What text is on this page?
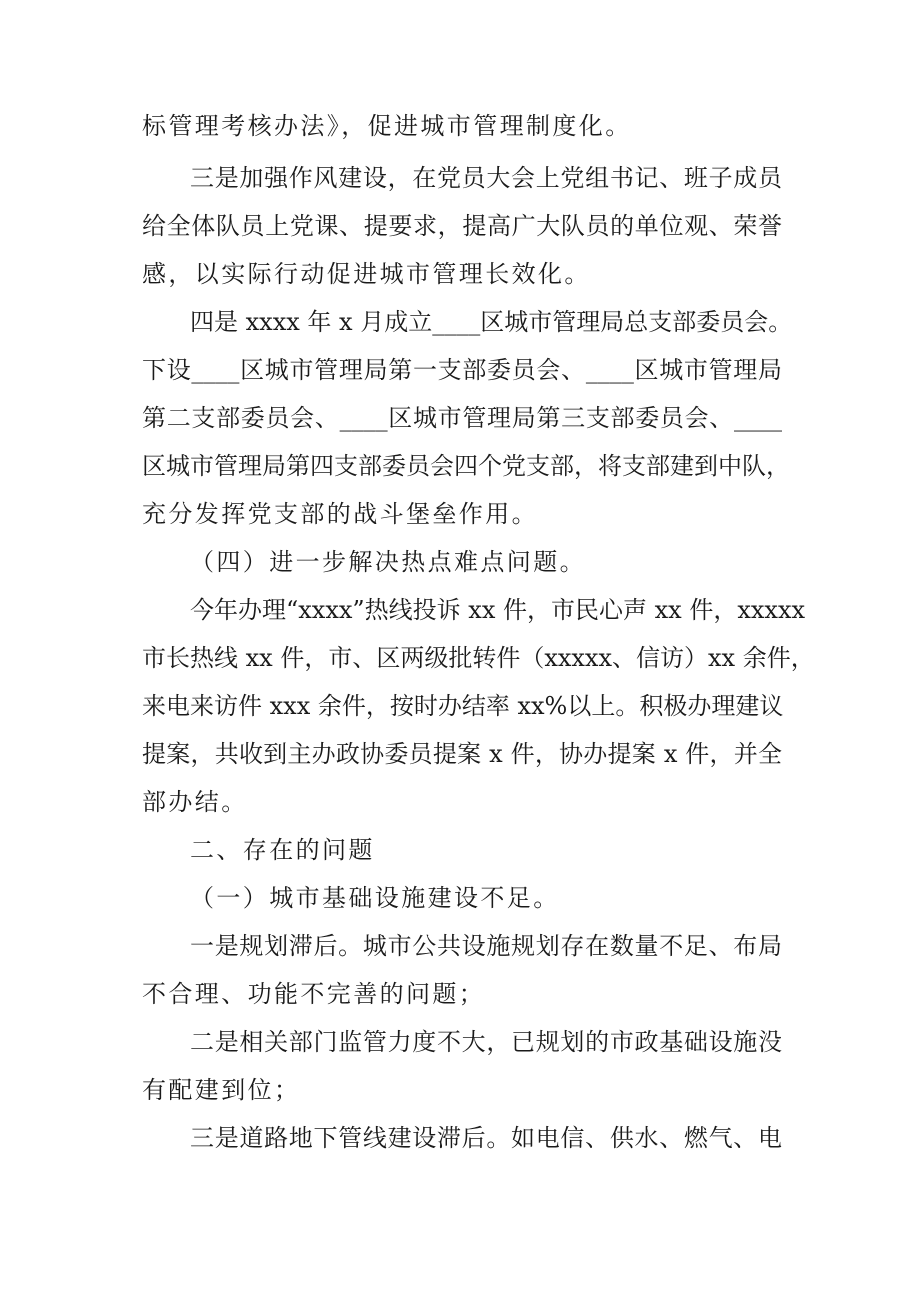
标管理考核办法》，促进城市管理制度化。
三是加强作风建设，在党员大会上党组书记、班子成员
给全体队员上党课、提要求，提高广大队员的单位观、荣誉
感，以实际行动促进城市管理长效化。
四是 xxxx 年 x 月成立____区城市管理局总支部委员会。
下设____区城市管理局第一支部委员会、____区城市管理局
第二支部委员会、____区城市管理局第三支部委员会、____
区城市管理局第四支部委员会四个党支部，将支部建到中队，
充分发挥党支部的战斗堡垒作用。
（四）进一步解决热点难点问题。
今年办理“xxxx”热线投诉 xx 件，市民心声 xx 件，xxxxx
市长热线 xx 件，市、区两级批转件（xxxxx、信访）xx 余件，
来电来访件 xxx 余件，按时办结率 xx%以上。积极办理建议
提案，共收到主办政协委员提案 x 件，协办提案 x 件，并全
部办结。
二、存在的问题
（一）城市基础设施建设不足。
一是规划滞后。城市公共设施规划存在数量不足、布局
不合理、功能不完善的问题；
二是相关部门监管力度不大，已规划的市政基础设施没
有配建到位；
三是道路地下管线建设滞后。如电信、供水、燃气、电
